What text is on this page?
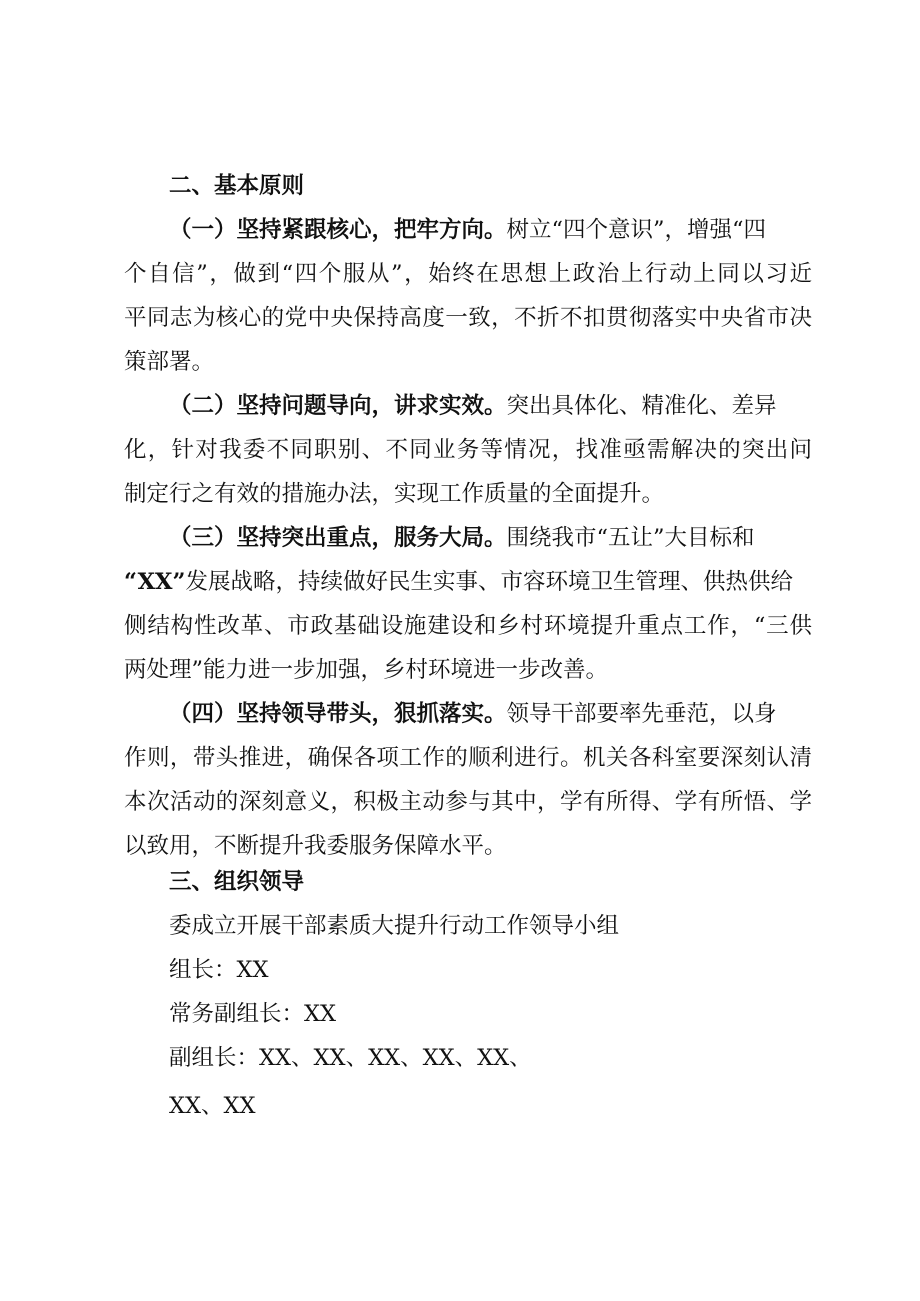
二、基本原则
（一）坚持紧跟核心，把牢方向。树立“四个意识”，增强“四
个自信”，做到“四个服从”，始终在思想上政治上行动上同以习近
平同志为核心的党中央保持高度一致，不折不扣贯彻落实中央省市决
策部署。
（二）坚持问题导向，讲求实效。突出具体化、精准化、差异
化，针对我委不同职别、不同业务等情况，找准亟需解决的突出问
制定行之有效的措施办法，实现工作质量的全面提升。
（三）坚持突出重点，服务大局。围绕我市“五让”大目标和
“XX”发展战略，持续做好民生实事、市容环境卫生管理、供热供给
侧结构性改革、市政基础设施建设和乡村环境提升重点工作，“三供
两处理”能力进一步加强，乡村环境进一步改善。
（四）坚持领导带头，狠抓落实。领导干部要率先垂范，以身
作则，带头推进，确保各项工作的顺利进行。机关各科室要深刻认清
本次活动的深刻意义，积极主动参与其中，学有所得、学有所悟、学
以致用，不断提升我委服务保障水平。
三、组织领导
委成立开展干部素质大提升行动工作领导小组
组长：XX
常务副组长：XX
副组长：XX、XX、XX、XX、XX、
XX、XX
